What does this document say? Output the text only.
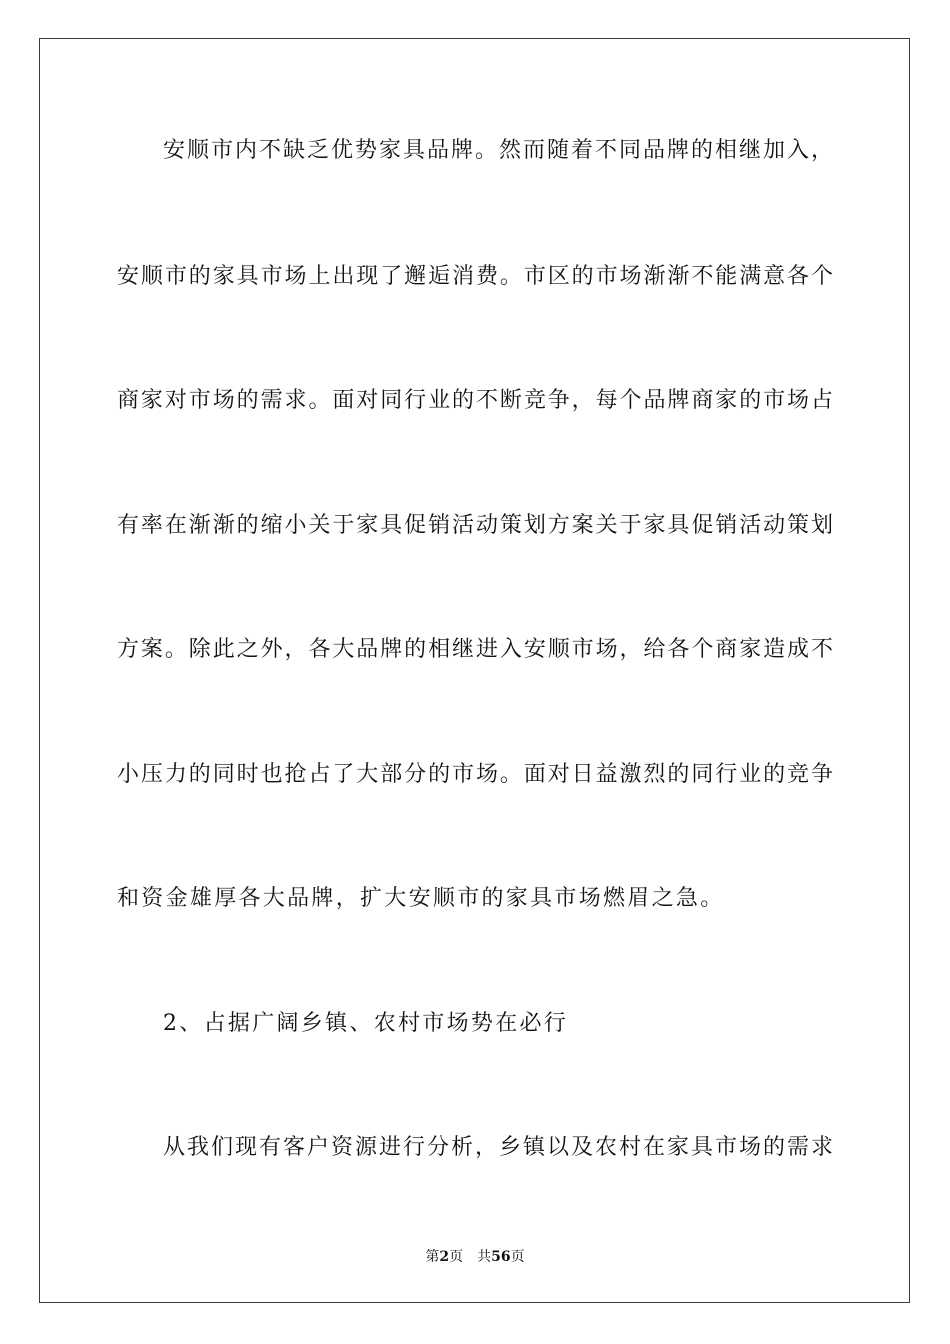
安顺市内不缺乏优势家具品牌。然而随着不同品牌的相继加入，

安顺市的家具市场上出现了邂逅消费。市区的市场渐渐不能满意各个

商家对市场的需求。面对同行业的不断竞争，每个品牌商家的市场占

有率在渐渐的缩小关于家具促销活动策划方案关于家具促销活动策划

方案。除此之外，各大品牌的相继进入安顺市场，给各个商家造成不

小压力的同时也抢占了大部分的市场。面对日益激烈的同行业的竞争

和资金雄厚各大品牌，扩大安顺市的家具市场燃眉之急。

2、占据广阔乡镇、农村市场势在必行

从我们现有客户资源进行分析，乡镇以及农村在家具市场的需求

第2页 共56页
